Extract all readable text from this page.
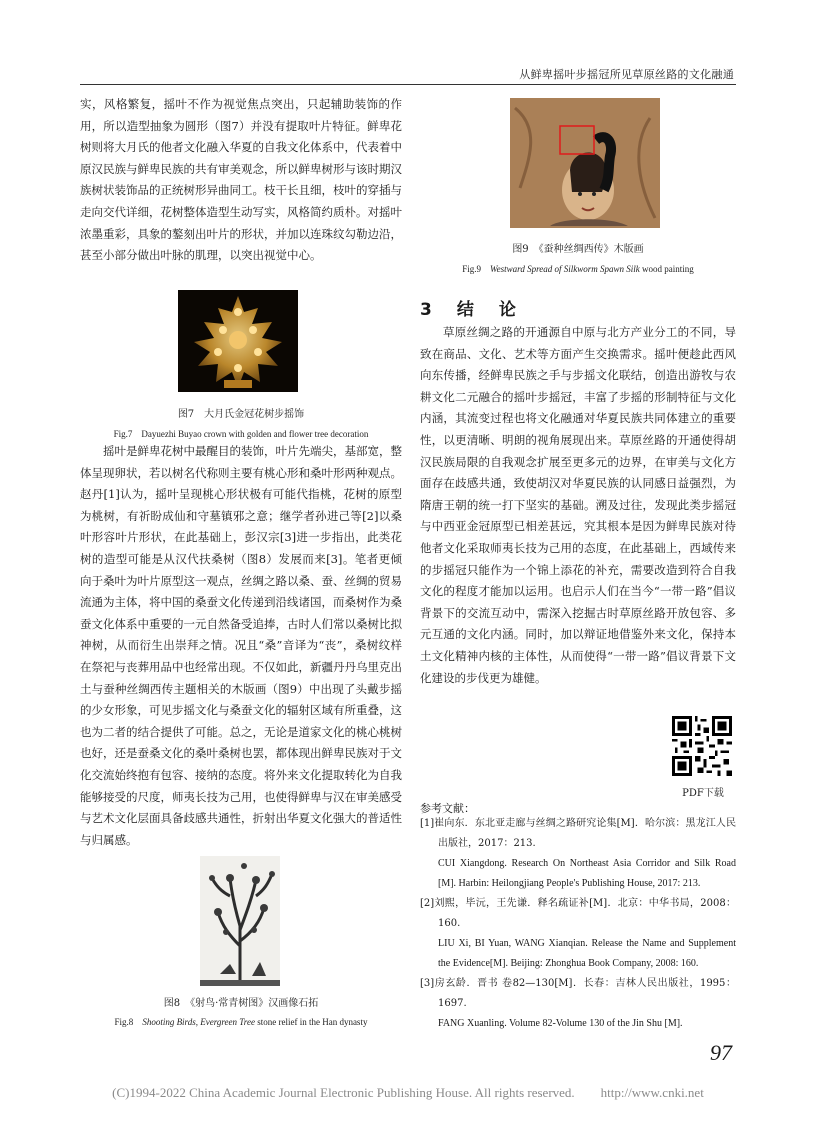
从鲜卑摇叶步摇冠所见草原丝路的文化融通

实，风格繁复，摇叶不作为视觉焦点突出，只起辅助装饰的作用，所以造型抽象为圆形（图7）并没有提取叶片特征。鲜卑花树则将大月氏的他者文化融入华夏的自我文化体系中，代表着中原汉民族与鲜卑民族的共有审美观念，所以鲜卑树形与该时期汉族树状装饰品的正统树形异曲同工。枝干长且细，枝叶的穿插与走向交代详细，花树整体造型生动写实，风格简约质朴。对摇叶浓墨重彩，具象的鏊刻出叶片的形状，并加以连珠纹勾勒边沿，甚至小部分做出叶脉的肌理，以突出视觉中心。

图7　大月氏金冠花树步摇饰
Fig.7　Dayuezhi Buyao crown with golden and flower tree decoration

摇叶是鲜卑花树中最醒目的装饰，叶片先端尖，基部宽，整体呈现卵状，若以树名代称则主要有桃心形和桑叶形两种观点。赵丹[1]认为，摇叶呈现桃心形状极有可能代指桃，花树的原型为桃树，有祈盼成仙和守墓镇邪之意；继学者孙进己等[2]以桑叶形容叶片形状，在此基础上，彭汉宗[3]进一步指出，此类花树的造型可能是从汉代扶桑树（图8）发展而来[3]。笔者更倾向于桑叶为叶片原型这一观点，丝绸之路以桑、蚕、丝绸的贸易流通为主体，将中国的桑蚕文化传递到沿线诸国，而桑树作为桑蚕文化体系中重要的一元自然备受追捧，古时人们常以桑树比拟神树，从而衍生出崇拜之情。况且“桑”音译为“丧”，桑树纹样在祭祀与丧葬用品中也经常出现。不仅如此，新疆丹丹乌里克出土与蚕种丝绸西传主题相关的木版画（图9）中出现了头戴步摇的少女形象，可见步摇文化与桑蚕文化的辐射区域有所重叠，这也为二者的结合提供了可能。总之，无论是道家文化的桃心桃树也好，还是蚕桑文化的桑叶桑树也罢，都体现出鲜卑民族对于文化交流始终抱有包容、接纳的态度。将外来文化提取转化为自我能够接受的尺度，师夷长技为己用，也使得鲜卑与汉在审美感受与艺术文化层面具备歧感共通性，折射出华夏文化强大的普适性与归属感。

图8　《射鸟·常青树图》汉画像石拓
Fig.8　Shooting Birds, Evergreen Tree stone relief in the Han dynasty
图9　《蚕种丝绸西传》木版画
Fig.9　Westward Spread of Silkworm Spawn Silk wood painting
3　结　论

草原丝绸之路的开通源自中原与北方产业分工的不同，导致在商品、文化、艺术等方面产生交换需求。摇叶便趁此西风向东传播，经鲜卑民族之手与步摇文化联结，创造出游牧与农耕文化二元融合的摇叶步摇冠，丰富了步摇的形制特征与文化内涵，其流变过程也将文化融通对华夏民族共同体建立的重要性，以更清晰、明朗的视角展现出来。草原丝路的开通使得胡汉民族局限的自我观念扩展至更多元的边界，在审美与文化方面存在歧感共通，致使胡汉对华夏民族的认同感日益强烈，为隋唐王朝的统一打下坚实的基础。溯及过往，发现此类步摇冠与中西亚金冠原型已相差甚远，究其根本是因为鲜卑民族对待他者文化采取师夷长技为己用的态度，在此基础上，西域传来的步摇冠只能作为一个锦上添花的补充，需要改造到符合自我文化的程度才能加以运用。也启示人们在当今“一带一路”倡议背景下的交流互动中，需深入挖掘古时草原丝路开放包容、多元互通的文化内涵。同时，加以辩证地借鉴外来文化，保持本土文化精神内核的主体性，从而使得“一带一路”倡议背景下文化建设的步伐更为雄健。

PDF下载
参考文献：

[1]崔向东．东北亚走廊与丝绸之路研究论集[M]．哈尔滨：黑龙江人民出版社，2017：213.

CUI Xiangdong. Research On Northeast Asia Corridor and Silk Road [M]. Harbin: Heilongjiang People's Publishing House, 2017: 213.

[2]刘熙，毕沅，王先谦．释名疏证补[M]．北京：中华书局，2008：160.

LIU Xi, BI Yuan, WANG Xianqian. Release the Name and Supplement the Evidence[M]. Beijing: Zhonghua Book Company, 2008: 160.

[3]房玄龄．晋书 卷82—130[M]．长春：吉林人民出版社，1995：1697.

FANG Xuanling. Volume 82-Volume 130 of the Jin Shu [M].

97
(C)1994-2022 China Academic Journal Electronic Publishing House. All rights reserved.　　http://www.cnki.net
